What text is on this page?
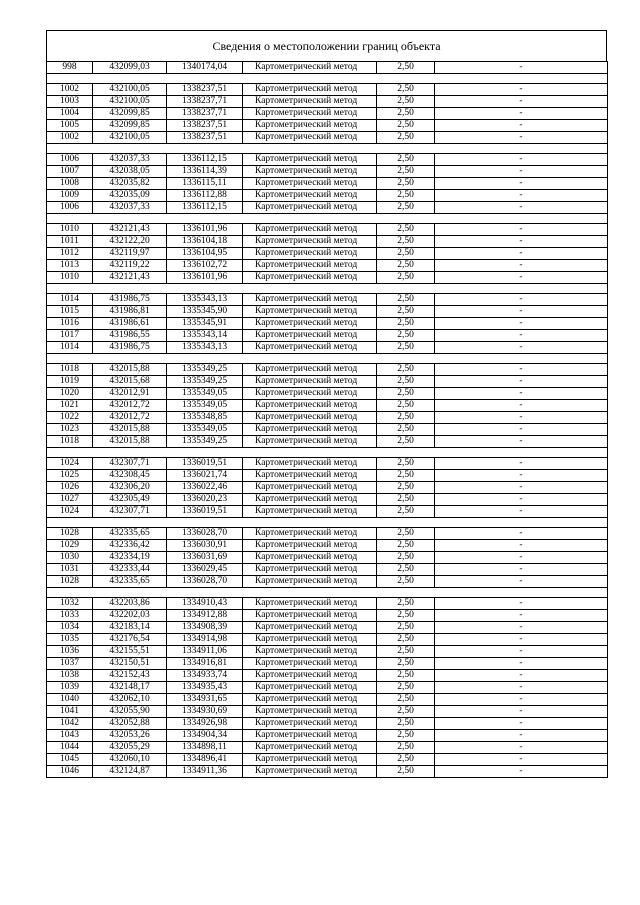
Сведения о местоположении границ объекта
998	432099,03	1340174,04	Картометрический метод	2,50	-

1002	432100,05	1338237,51	Картометрический метод	2,50	-
1003	432100,05	1338237,71	Картометрический метод	2,50	-
1004	432099,85	1338237,71	Картометрический метод	2,50	-
1005	432099,85	1338237,51	Картометрический метод	2,50	-
1002	432100,05	1338237,51	Картометрический метод	2,50	-

1006	432037,33	1336112,15	Картометрический метод	2,50	-
1007	432038,05	1336114,39	Картометрический метод	2,50	-
1008	432035,82	1336115,11	Картометрический метод	2,50	-
1009	432035,09	1336112,88	Картометрический метод	2,50	-
1006	432037,33	1336112,15	Картометрический метод	2,50	-

1010	432121,43	1336101,96	Картометрический метод	2,50	-
1011	432122,20	1336104,18	Картометрический метод	2,50	-
1012	432119,97	1336104,95	Картометрический метод	2,50	-
1013	432119,22	1336102,72	Картометрический метод	2,50	-
1010	432121,43	1336101,96	Картометрический метод	2,50	-

1014	431986,75	1335343,13	Картометрический метод	2,50	-
1015	431986,81	1335345,90	Картометрический метод	2,50	-
1016	431986,61	1335345,91	Картометрический метод	2,50	-
1017	431986,55	1335343,14	Картометрический метод	2,50	-
1014	431986,75	1335343,13	Картометрический метод	2,50	-

1018	432015,88	1335349,25	Картометрический метод	2,50	-
1019	432015,68	1335349,25	Картометрический метод	2,50	-
1020	432012,91	1335349,05	Картометрический метод	2,50	-
1021	432012,72	1335349,05	Картометрический метод	2,50	-
1022	432012,72	1335348,85	Картометрический метод	2,50	-
1023	432015,88	1335349,05	Картометрический метод	2,50	-
1018	432015,88	1335349,25	Картометрический метод	2,50	-

1024	432307,71	1336019,51	Картометрический метод	2,50	-
1025	432308,45	1336021,74	Картометрический метод	2,50	-
1026	432306,20	1336022,46	Картометрический метод	2,50	-
1027	432305,49	1336020,23	Картометрический метод	2,50	-
1024	432307,71	1336019,51	Картометрический метод	2,50	-

1028	432335,65	1336028,70	Картометрический метод	2,50	-
1029	432336,42	1336030,91	Картометрический метод	2,50	-
1030	432334,19	1336031,69	Картометрический метод	2,50	-
1031	432333,44	1336029,45	Картометрический метод	2,50	-
1028	432335,65	1336028,70	Картометрический метод	2,50	-

1032	432203,86	1334910,43	Картометрический метод	2,50	-
1033	432202,03	1334912,88	Картометрический метод	2,50	-
1034	432183,14	1334908,39	Картометрический метод	2,50	-
1035	432176,54	1334914,98	Картометрический метод	2,50	-
1036	432155,51	1334911,06	Картометрический метод	2,50	-
1037	432150,51	1334916,81	Картометрический метод	2,50	-
1038	432152,43	1334933,74	Картометрический метод	2,50	-
1039	432148,17	1334935,43	Картометрический метод	2,50	-
1040	432062,10	1334931,65	Картометрический метод	2,50	-
1041	432055,90	1334930,69	Картометрический метод	2,50	-
1042	432052,88	1334926,98	Картометрический метод	2,50	-
1043	432053,26	1334904,34	Картометрический метод	2,50	-
1044	432055,29	1334898,11	Картометрический метод	2,50	-
1045	432060,10	1334896,41	Картометрический метод	2,50	-
1046	432124,87	1334911,36	Картометрический метод	2,50	-
